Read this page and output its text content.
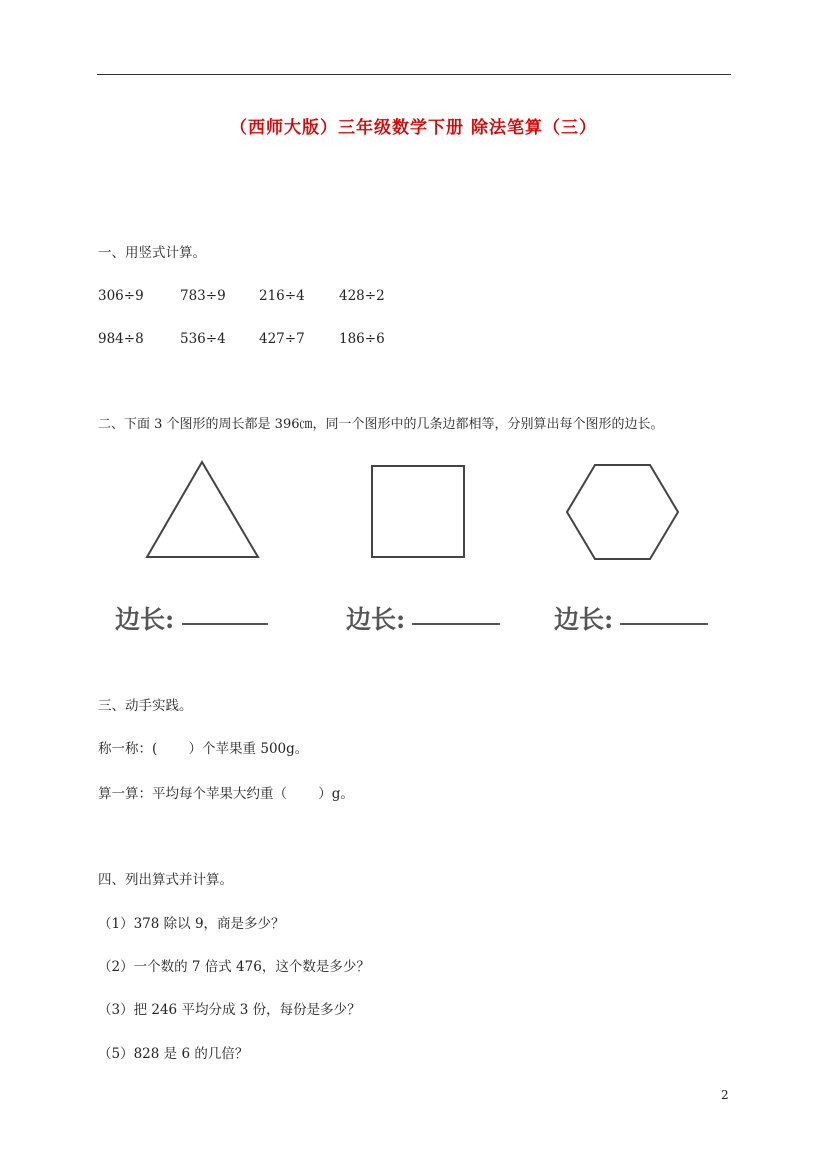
（西师大版）三年级数学下册 除法笔算（三）
一、用竖式计算。
306÷9	783÷9 216÷4	428÷2
984÷8	536÷4 427÷7	186÷6
二、下面 3 个图形的周长都是 396㎝，同一个图形中的几条边都相等，分别算出每个图形的边长。
边长:	边长:	边长:
三、动手实践。
称一称：(　　 ）个苹果重 500g。
算一算：平均每个苹果大约重（　　 ）g。
四、列出算式并计算。
（1）378 除以 9，商是多少？
（2）一个数的 7 倍式 476，这个数是多少？
（3）把 246 平均分成 3 份，每份是多少？
（5）828 是 6 的几倍？
2
